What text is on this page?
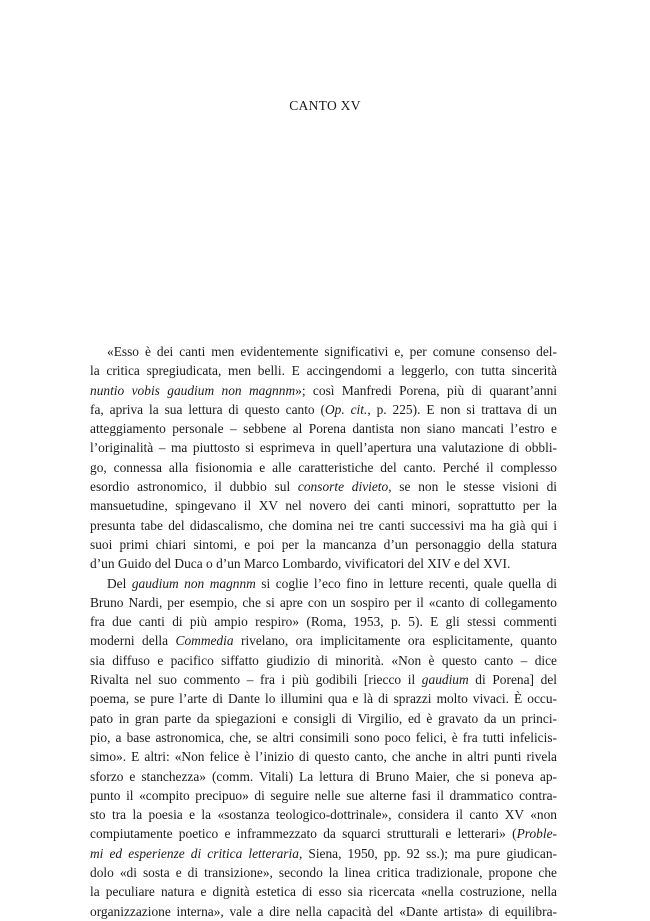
CANTO XV
«Esso è dei canti men evidentemente significativi e, per comune consenso del-
la critica spregiudicata, men belli. E accingendomi a leggerlo, con tutta sincerità
nuntio vobis gaudium non magnnm»; così Manfredi Porena, più di quarant’anni
fa, apriva la sua lettura di questo canto (Op. cit., p. 225). E non si trattava di un
atteggiamento personale – sebbene al Porena dantista non siano mancati l’estro e
l’originalità – ma piuttosto si esprimeva in quell’apertura una valutazione di obbli-
go, connessa alla fisionomia e alle caratteristiche del canto. Perché il complesso
esordio astronomico, il dubbio sul consorte divieto, se non le stesse visioni di
mansuetudine, spingevano il XV nel novero dei canti minori, soprattutto per la
presunta tabe del didascalismo, che domina nei tre canti successivi ma ha già qui i
suoi primi chiari sintomi, e poi per la mancanza d’un personaggio della statura
d’un Guido del Duca o d’un Marco Lombardo, vivificatori del XIV e del XVI.
Del gaudium non magnnm si coglie l’eco fino in letture recenti, quale quella di
Bruno Nardi, per esempio, che si apre con un sospiro per il «canto di collegamento
fra due canti di più ampio respiro» (Roma, 1953, p. 5). E gli stessi commenti
moderni della Commedia rivelano, ora implicitamente ora esplicitamente, quanto
sia diffuso e pacifico siffatto giudizio di minorità. «Non è questo canto – dice
Rivalta nel suo commento – fra i più godibili [riecco il gaudium di Porena] del
poema, se pure l’arte di Dante lo illumini qua e là di sprazzi molto vivaci. È occu-
pato in gran parte da spiegazioni e consigli di Virgilio, ed è gravato da un princi-
pio, a base astronomica, che, se altri consimili sono poco felici, è fra tutti infelicis-
simo». E altri: «Non felice è l’inizio di questo canto, che anche in altri punti rivela
sforzo e stanchezza» (comm. Vitali) La lettura di Bruno Maier, che si poneva ap-
punto il «compito precipuo» di seguire nelle sue alterne fasi il drammatico contra-
sto tra la poesia e la «sostanza teologico-dottrinale», considera il canto XV «non
compiutamente poetico e inframmezzato da squarci strutturali e letterari» (Proble-
mi ed esperienze di critica letteraria, Siena, 1950, pp. 92 ss.); ma pure giudican-
dolo «di sosta e di transizione», secondo la linea critica tradizionale, propone che
la peculiare natura e dignità estetica di esso sia ricercata «nella costruzione, nella
organizzazione interna», vale a dire nella capacità del «Dante artista» di equilibra-
